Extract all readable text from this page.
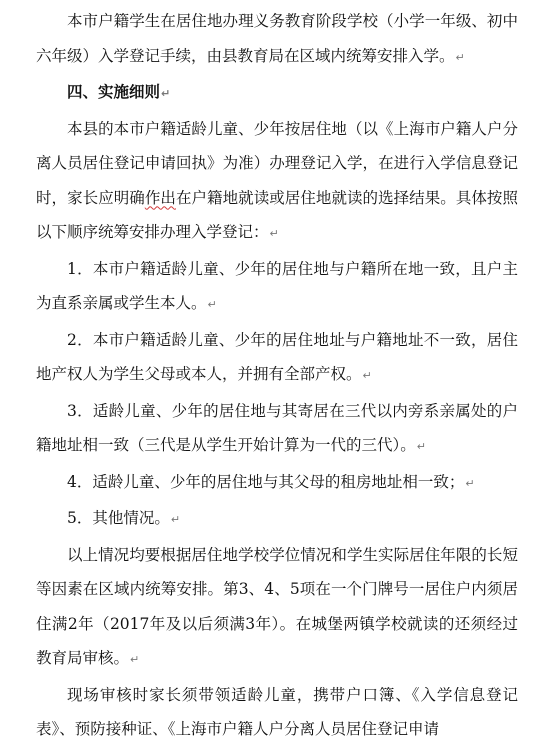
本市户籍学生在居住地办理义务教育阶段学校（小学一年级、初中六年级）入学登记手续，由县教育局在区域内统筹安排入学。↵

四、实施细则↵

本县的本市户籍适龄儿童、少年按居住地（以《上海市户籍人户分离人员居住登记申请回执》为准）办理登记入学，在进行入学信息登记时，家长应明确作出在户籍地就读或居住地就读的选择结果。具体按照以下顺序统筹安排办理入学登记：↵

1．本市户籍适龄儿童、少年的居住地与户籍所在地一致，且户主为直系亲属或学生本人。↵

2．本市户籍适龄儿童、少年的居住地址与户籍地址不一致，居住地产权人为学生父母或本人，并拥有全部产权。↵

3．适龄儿童、少年的居住地与其寄居在三代以内旁系亲属处的户籍地址相一致（三代是从学生开始计算为一代的三代）。↵

4．适龄儿童、少年的居住地与其父母的租房地址相一致；↵

5．其他情况。↵

以上情况均要根据居住地学校学位情况和学生实际居住年限的长短等因素在区域内统筹安排。第3、4、5项在一个门牌号一居住户内须居住满2年（2017年及以后须满3年）。在城堡两镇学校就读的还须经过教育局审核。↵

现场审核时家长须带领适龄儿童，携带户口簿、《入学信息登记表》、预防接种证、《上海市户籍人户分离人员居住登记申请
